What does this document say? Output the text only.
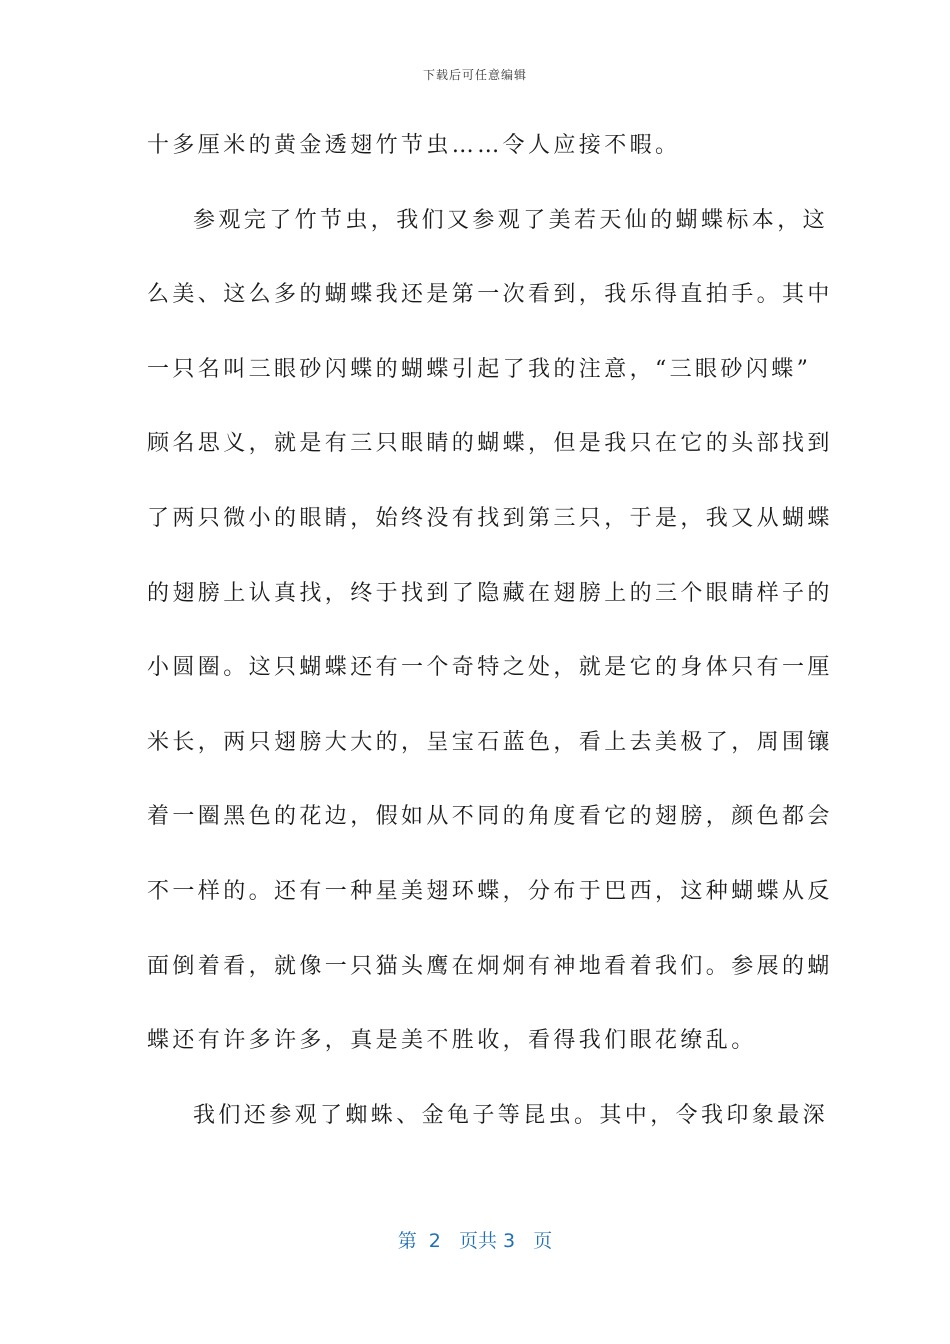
下载后可任意编辑
十多厘米的黄金透翅竹节虫……令人应接不暇。
参观完了竹节虫，我们又参观了美若天仙的蝴蝶标本，这
么美、这么多的蝴蝶我还是第一次看到，我乐得直拍手。其中
一只名叫三眼砂闪蝶的蝴蝶引起了我的注意，“三眼砂闪蝶”
顾名思义，就是有三只眼睛的蝴蝶，但是我只在它的头部找到
了两只微小的眼睛，始终没有找到第三只，于是，我又从蝴蝶
的翅膀上认真找，终于找到了隐藏在翅膀上的三个眼睛样子的
小圆圈。这只蝴蝶还有一个奇特之处，就是它的身体只有一厘
米长，两只翅膀大大的，呈宝石蓝色，看上去美极了，周围镶
着一圈黑色的花边，假如从不同的角度看它的翅膀，颜色都会
不一样的。还有一种星美翅环蝶，分布于巴西，这种蝴蝶从反
面倒着看，就像一只猫头鹰在炯炯有神地看着我们。参展的蝴
蝶还有许多许多，真是美不胜收，看得我们眼花缭乱。
我们还参观了蜘蛛、金龟子等昆虫。其中，令我印象最深
第  2   页共 3   页
